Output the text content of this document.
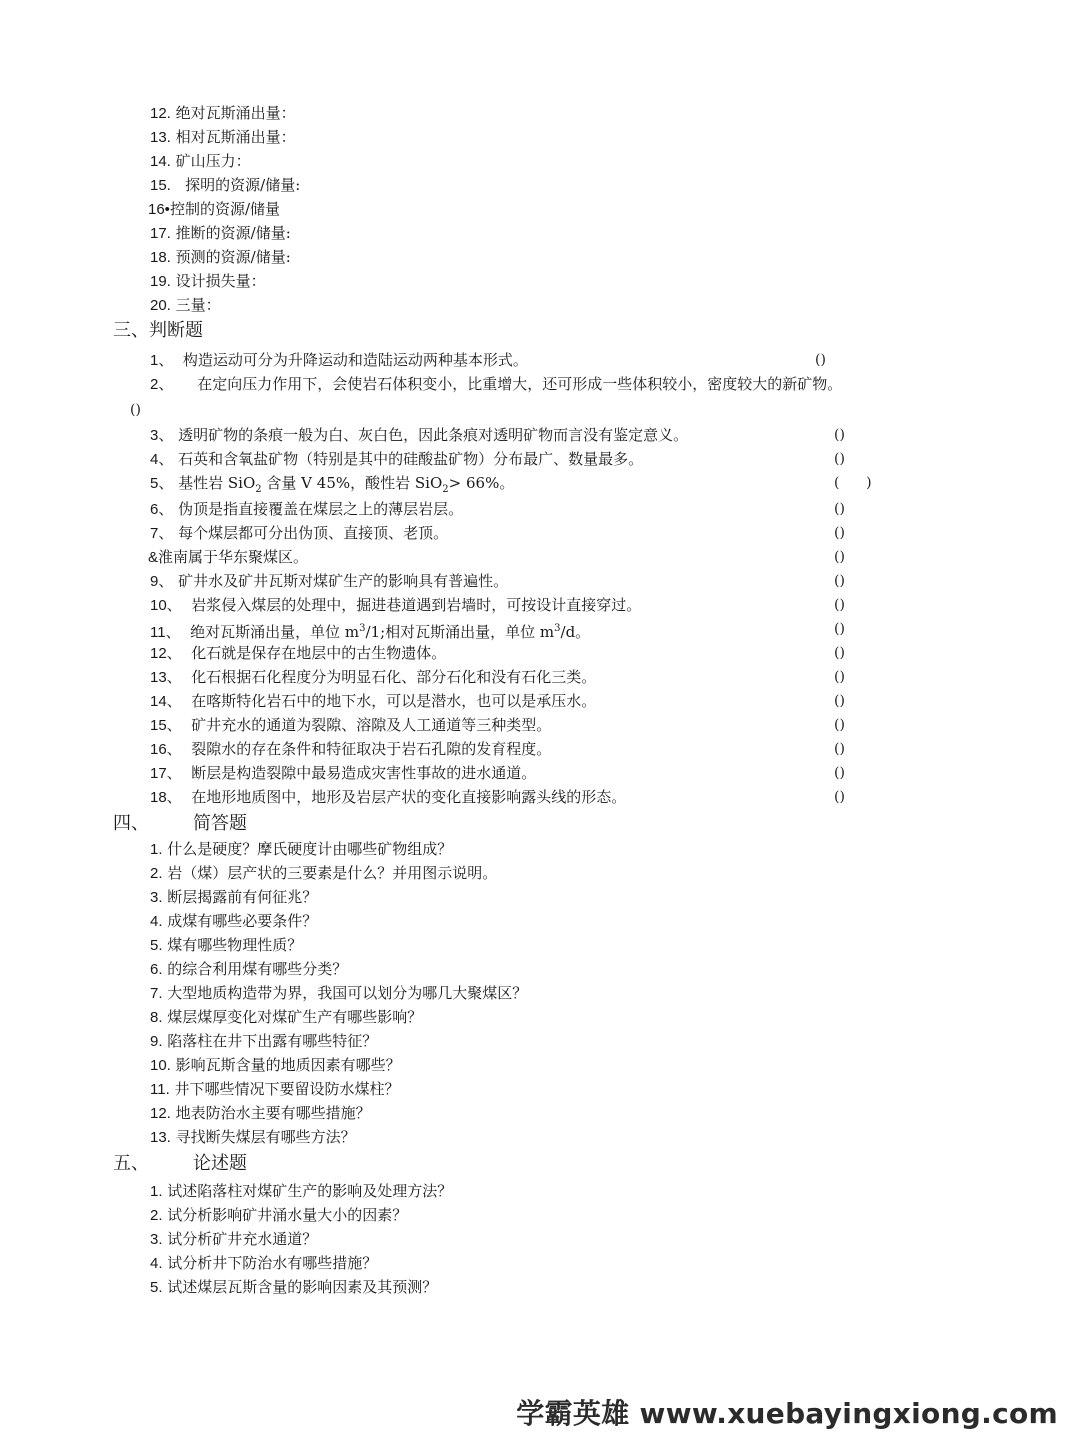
12. 绝对瓦斯涌出量：
13. 相对瓦斯涌出量：
14. 矿山压力：
15. 探明的资源/储量:
16•控制的资源/储量
17. 推断的资源/储量:
18. 预测的资源/储量:
19. 设计损失量：
20. 三量：
三、判断题
1、 构造运动可分为升降运动和造陆运动两种基本形式。	()
2、 在定向压力作用下，会使岩石体积变小，比重增大，还可形成一些体积较小，密度较大的新矿物。
()
3、 透明矿物的条痕一般为白、灰白色，因此条痕对透明矿物而言没有鉴定意义。	()
4、 石英和含氧盐矿物（特别是其中的硅酸盐矿物）分布最广、数量最多。	()
5、 基性岩 SiO$_2$ 含量 V 45%，酸性岩 SiO$_2$> 66%。	(      )
6、 伪顶是指直接覆盖在煤层之上的薄层岩层。	()
7、 每个煤层都可分出伪顶、直接顶、老顶。	()
&淮南属于华东聚煤区。	()
9、 矿井水及矿井瓦斯对煤矿生产的影响具有普遍性。	()
10、 岩浆侵入煤层的处理中，掘进巷道遇到岩墙时，可按设计直接穿过。	()
11、 绝对瓦斯涌出量，单位 $m^3/1$;相对瓦斯涌出量，单位 $m^3/d$。	()
12、 化石就是保存在地层中的古生物遗体。	()
13、 化石根据石化程度分为明显石化、部分石化和没有石化三类。	()
14、 在喀斯特化岩石中的地下水，可以是潜水，也可以是承压水。	()
15、 矿井充水的通道为裂隙、溶隙及人工通道等三种类型。	()
16、 裂隙水的存在条件和特征取决于岩石孔隙的发育程度。	()
17、 断层是构造裂隙中最易造成灾害性事故的进水通道。	()
18、 在地形地质图中，地形及岩层产状的变化直接影响露头线的形态。	()
四、 简答题
1. 什么是硬度？摩氏硬度计由哪些矿物组成？
2. 岩（煤）层产状的三要素是什么？并用图示说明。
3. 断层揭露前有何征兆？
4. 成煤有哪些必要条件？
5. 煤有哪些物理性质？
6. 的综合利用煤有哪些分类？
7. 大型地质构造带为界，我国可以划分为哪几大聚煤区？
8. 煤层煤厚变化对煤矿生产有哪些影响？
9. 陷落柱在井下出露有哪些特征？
10. 影响瓦斯含量的地质因素有哪些？
11. 井下哪些情况下要留设防水煤柱？
12. 地表防治水主要有哪些措施？
13. 寻找断失煤层有哪些方法？
五、 论述题
1. 试述陷落柱对煤矿生产的影响及处理方法？
2. 试分析影响矿井涌水量大小的因素？
3. 试分析矿井充水通道？
4. 试分析井下防治水有哪些措施？
5. 试述煤层瓦斯含量的影响因素及其预测？
学霸英雄 www.xuebayingxiong.com
